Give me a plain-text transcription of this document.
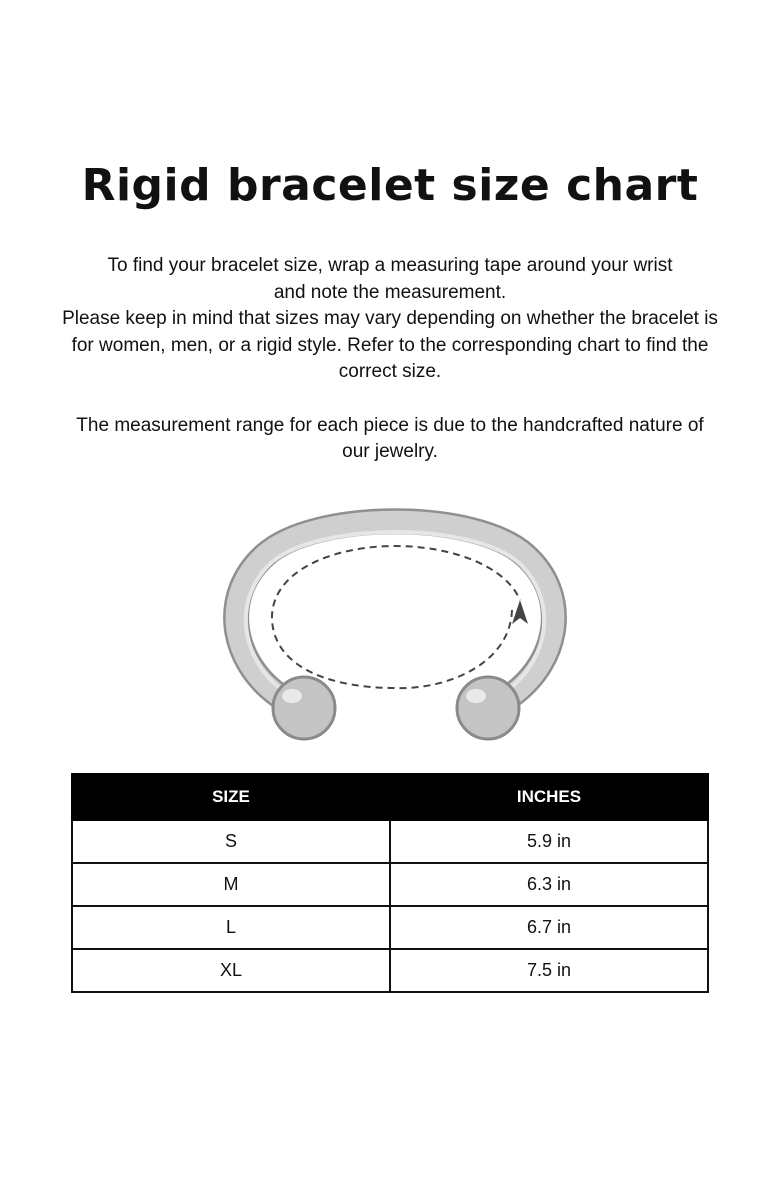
Rigid bracelet size chart

To find your bracelet size, wrap a measuring tape around your wrist

and note the measurement.

Please keep in mind that sizes may vary depending on whether the bracelet is for women, men, or a rigid style. Refer to the corresponding chart to find the correct size.

The measurement range for each piece is due to the handcrafted nature of our jewelry.

SIZE	INCHES
S	5.9 in
M	6.3 in
L	6.7 in
XL	7.5 in
